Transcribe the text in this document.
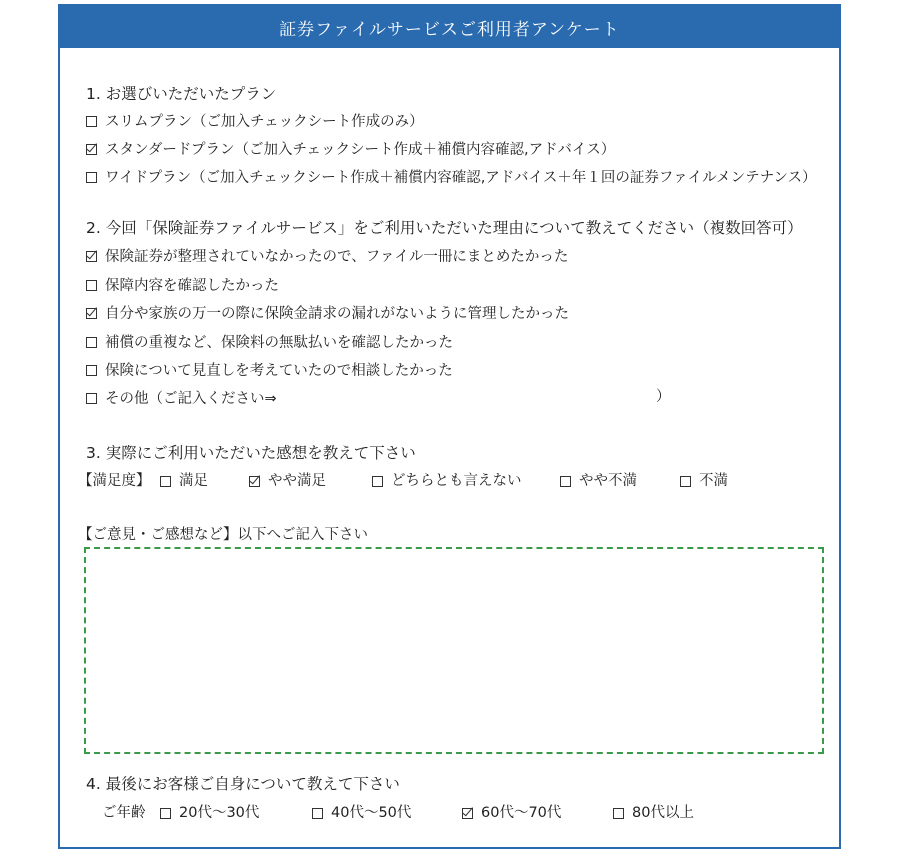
証券ファイルサービスご利用者アンケート
1. お選びいただいたプラン
スリムプラン（ご加入チェックシート作成のみ）
スタンダードプラン（ご加入チェックシート作成＋補償内容確認,アドバイス）
ワイドプラン（ご加入チェックシート作成＋補償内容確認,アドバイス＋年１回の証券ファイルメンテナンス）
2. 今回「保険証券ファイルサービス」をご利用いただいた理由について教えてください（複数回答可）
保険証券が整理されていなかったので、ファイル一冊にまとめたかった
保障内容を確認したかった
自分や家族の万一の際に保険金請求の漏れがないように管理したかった
補償の重複など、保険料の無駄払いを確認したかった
保険について見直しを考えていたので相談したかった
その他（ご記入ください⇒	）
3. 実際にご利用いただいた感想を教えて下さい
【満足度】 満足	やや満足	どちらとも言えない	やや不満	不満
【ご意見・ご感想など】以下へご記入下さい
4. 最後にお客様ご自身について教えて下さい
ご年齢 20代～30代	40代～50代	60代～70代	80代以上
